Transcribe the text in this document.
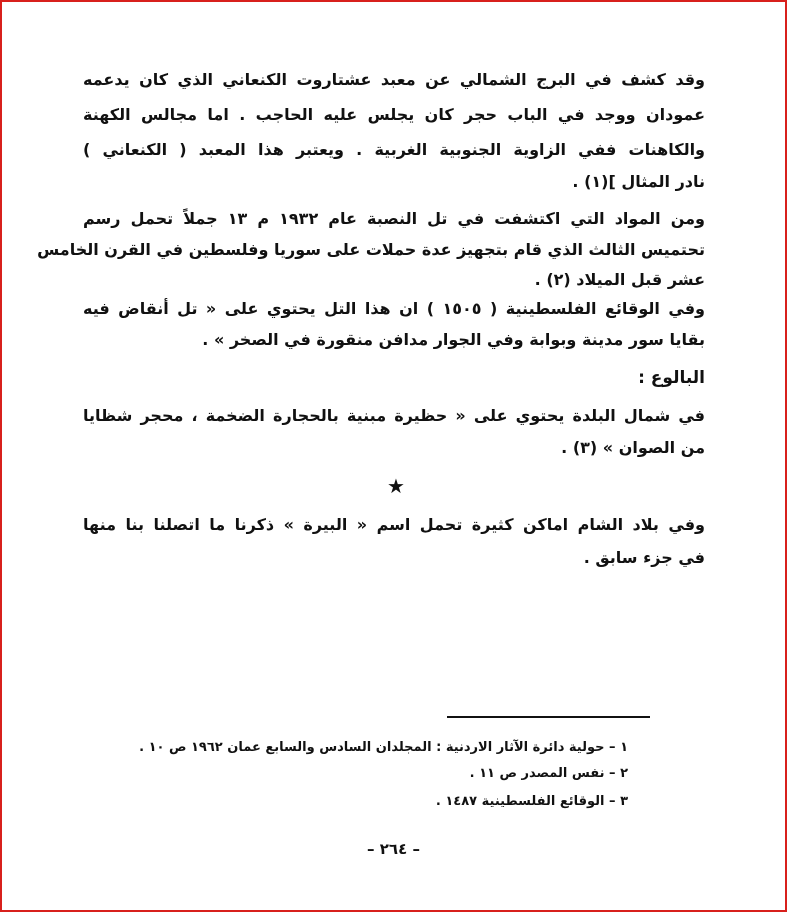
وقد كشف في البرج الشمالي عن معبد عشتاروت الكنعاني الذي كان يدعمه
عمودان ووجد في الباب حجر كان يجلس عليه الحاجب . اما مجالس الكهنة
والكاهنات ففي الزاوية الجنوبية الغربية . ويعتبر هذا المعبد ( الكنعاني )
نادر المثال ](١) .
ومن المواد التي اكتشفت في تل النصبة عام ١٩٣٢ م ١٣ جملاً تحمل رسم
تحتميس الثالث الذي قام بتجهيز عدة حملات على سوريا وفلسطين في القرن الخامس
عشر قبل الميلاد (٢) .
وفي الوقائع الفلسطينية ( ١٥٠٥ ) ان هذا التل يحتوي على « تل أنقاض فيه
بقايا سور مدينة وبوابة وفي الجوار مدافن منقورة في الصخر » .
البالوع :
في شمال البلدة يحتوي على « حظيرة مبنية بالحجارة الضخمة ، محجر شظايا
من الصوان » (٣) .
★
وفي بلاد الشام اماكن كثيرة تحمل اسم « البيرة » ذكرنا ما اتصلنا بنا منها
في جزء سابق .
١ – حولية دائرة الآثار الاردنية : المجلدان السادس والسابع عمان ١٩٦٢ ص ١٠ .
٢ – نفس المصدر ص ١١ .
٣ – الوقائع الفلسطينية ١٤٨٧ .
– ٢٦٤ –
